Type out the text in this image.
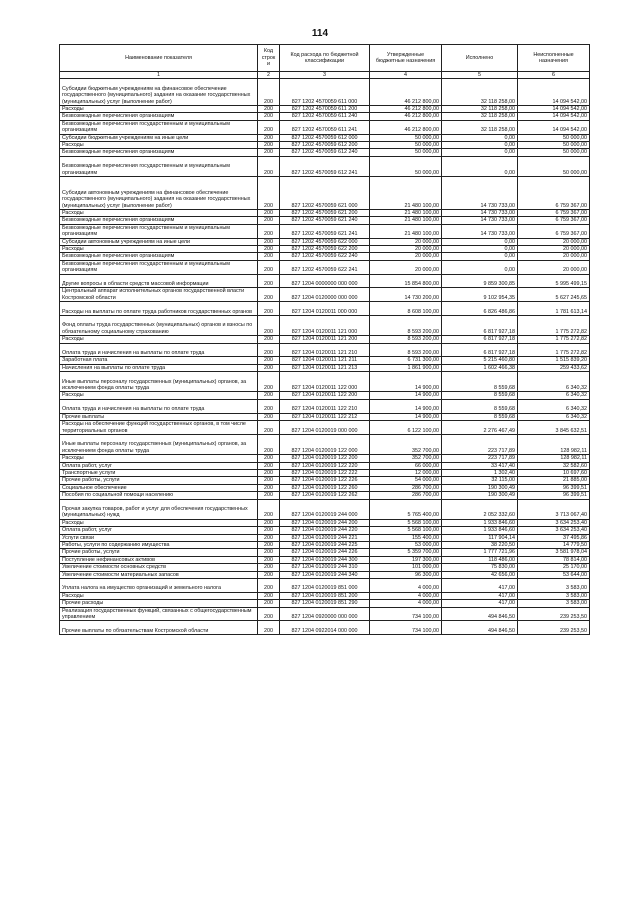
114
Наименование показателя	Код строк и	Код расхода по бюджетной классификации	Утвержденные бюджетные назначения	Исполнено	Неисполненные назначения
1	2	3	4	5	6
Субсидии бюджетным учреждениям на финансовое обеспечение государственного (муниципального) задания на оказание государственных (муниципальных) услуг (выполнение работ)	200	827 1202 4570059 611 000	46 212 800,00	32 118 258,00	14 094 542,00
Расходы	200	827 1202 4570059 611 200	46 212 800,00	32 118 258,00	14 094 542,00
Безвозмездные перечисления организациям	200	827 1202 4570059 611 240	46 212 800,00	32 118 258,00	14 094 542,00
Безвозмездные перечисления государственным и муниципальным организациям	200	827 1202 4570059 611 241	46 212 800,00	32 118 258,00	14 094 542,00
Субсидии бюджетным учреждениям на иные цели	200	827 1202 4570059 612 000	50 000,00	0,00	50 000,00
Расходы	200	827 1202 4570059 612 200	50 000,00	0,00	50 000,00
Безвозмездные перечисления организациям	200	827 1202 4570059 612 240	50 000,00	0,00	50 000,00
Безвозмездные перечисления государственным и муниципальным организациям	200	827 1202 4570059 612 241	50 000,00	0,00	50 000,00
Субсидии автономным учреждениям на финансовое обеспечение государственного (муниципального) задания на оказание государственных (муниципальных) услуг (выполнение работ)	200	827 1202 4570059 621 000	21 480 100,00	14 730 733,00	6 759 367,00
Расходы	200	827 1202 4570059 621 200	21 480 100,00	14 730 733,00	6 759 367,00
Безвозмездные перечисления организациям	200	827 1202 4570059 621 240	21 480 100,00	14 730 733,00	6 759 367,00
Безвозмездные перечисления государственным и муниципальным организациям	200	827 1202 4570059 621 241	21 480 100,00	14 730 733,00	6 759 367,00
Субсидии автономным учреждениям на иные цели	200	827 1202 4570059 622 000	20 000,00	0,00	20 000,00
Расходы	200	827 1202 4570059 622 200	20 000,00	0,00	20 000,00
Безвозмездные перечисления организациям	200	827 1202 4570059 622 240	20 000,00	0,00	20 000,00
Безвозмездные перечисления государственным и муниципальным организациям	200	827 1202 4570059 622 241	20 000,00	0,00	20 000,00
Другие вопросы в области средств массовой информации	200	827 1204 0000000 000 000	15 854 800,00	9 859 300,85	5 995 499,15
Центральный аппарат исполнительных органов государственной власти Костромской области	200	827 1204 0120000 000 000	14 730 200,00	9 102 954,35	5 627 245,65
Расходы на выплаты по оплате труда работников государственных органов	200	827 1204 0120011 000 000	8 608 100,00	6 826 486,86	1 781 613,14
Фонд оплаты труда государственных (муниципальных) органов и взносы по обязательному социальному страхованию	200	827 1204 0120011 121 000	8 593 200,00	6 817 927,18	1 775 272,82
Расходы	200	827 1204 0120011 121 200	8 593 200,00	6 817 927,18	1 775 272,82
Оплата труда и начисления на выплаты по оплате труда	200	827 1204 0120011 121 210	8 593 200,00	6 817 927,18	1 775 272,82
Заработная плата	200	827 1204 0120011 121 211	6 731 300,00	5 215 460,80	1 515 839,20
Начисления на выплаты по оплате труда	200	827 1204 0120011 121 213	1 861 900,00	1 602 466,38	259 433,62
Иные выплаты персоналу государственных (муниципальных) органов, за исключением фонда оплаты труда	200	827 1204 0120011 122 000	14 900,00	8 559,68	6 340,32
Расходы	200	827 1204 0120011 122 200	14 900,00	8 559,68	6 340,32
Оплата труда и начисления на выплаты по оплате труда	200	827 1204 0120011 122 210	14 900,00	8 559,68	6 340,32
Прочие выплаты	200	827 1204 0120011 122 212	14 900,00	8 559,68	6 340,32
Расходы на обеспечение функций государственных органов, в том числе территориальных органов	200	827 1204 0120019 000 000	6 122 100,00	2 276 467,49	3 845 632,51
Иные выплаты персоналу государственных (муниципальных) органов, за исключением фонда оплаты труда	200	827 1204 0120019 122 000	352 700,00	223 717,89	128 982,11
Расходы	200	827 1204 0120019 122 200	352 700,00	223 717,89	128 982,11
Оплата работ, услуг	200	827 1204 0120019 122 220	66 000,00	33 417,40	32 582,60
Транспортные услуги	200	827 1204 0120019 122 222	12 000,00	1 302,40	10 697,60
Прочие работы, услуги	200	827 1204 0120019 122 226	54 000,00	32 115,00	21 885,00
Социальное обеспечение	200	827 1204 0120019 122 260	286 700,00	190 300,49	96 399,51
Пособия по социальной помощи населению	200	827 1204 0120019 122 262	286 700,00	190 300,49	96 399,51
Прочая закупка товаров, работ и услуг для обеспечения государственных (муниципальных) нужд	200	827 1204 0120019 244 000	5 765 400,00	2 052 332,60	3 713 067,40
Расходы	200	827 1204 0120019 244 200	5 568 100,00	1 933 846,60	3 634 253,40
Оплата работ, услуг	200	827 1204 0120019 244 220	5 568 100,00	1 933 846,60	3 634 253,40
Услуги связи	200	827 1204 0120019 244 221	155 400,00	117 904,14	37 495,86
Работы, услуги по содержанию имущества	200	827 1204 0120019 244 225	53 000,00	38 220,50	14 779,50
Прочие работы, услуги	200	827 1204 0120019 244 226	5 359 700,00	1 777 721,96	3 581 978,04
Поступление нефинансовых активов	200	827 1204 0120019 244 300	197 300,00	118 486,00	78 814,00
Увеличение стоимости основных средств	200	827 1204 0120019 244 310	101 000,00	75 830,00	25 170,00
Увеличение стоимости материальных запасов	200	827 1204 0120019 244 340	96 300,00	42 656,00	53 644,00
Уплата налога на имущество организаций и земельного налога	200	827 1204 0120019 851 000	4 000,00	417,00	3 583,00
Расходы	200	827 1204 0120019 851 200	4 000,00	417,00	3 583,00
Прочие расходы	200	827 1204 0120019 851 290	4 000,00	417,00	3 583,00
Реализация государственных функций, связанных с общегосударственным управлением	200	827 1204 0920000 000 000	734 100,00	494 846,50	239 253,50
Прочие выплаты по обязательствам Костромской области	200	827 1204 0922014 000 000	734 100,00	494 846,50	239 253,50
